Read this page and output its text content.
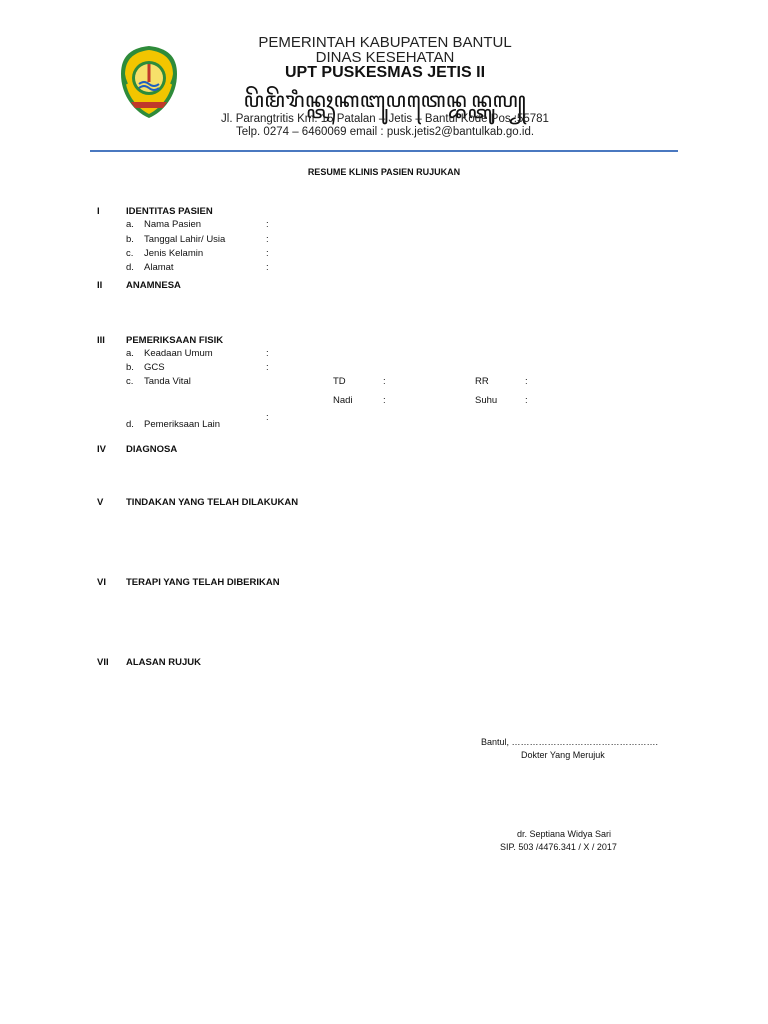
PEMERINTAH KABUPATEN BANTUL
DINAS KESEHATAN
UPT PUSKESMAS JETIS II
ꦥꦼꦩꦼꦫꦶꦤ꧀ꦠꦃꦏꦧꦸꦥꦠꦺꦤ꧀ꦧꦤ꧀ꦠꦸꦭ꧀
Jl. Parangtritis Km. 15 Patalan – Jetis – Bantul Kode Pos :55781
Telp. 0274 – 6460069 email : pusk.jetis2@bantulkab.go.id.
RESUME KLINIS PASIEN RUJUKAN
I	IDENTITAS PASIEN
a. Nama Pasien	:
b. Tanggal Lahir/ Usia	:
c. Jenis Kelamin	:
d. Alamat	:
II ANAMNESA
III PEMERIKSAAN FISIK
a. Keadaan Umum	:
b. GCS	:
c. Tanda Vital	TD	:	RR	:
Nadi	:	Suhu	:
d. Pemeriksaan Lain
:
IV DIAGNOSA
V TINDAKAN YANG TELAH DILAKUKAN
VI TERAPI YANG TELAH DIBERIKAN
VII ALASAN RUJUK
Bantul, ………………………………………….
Dokter Yang Merujuk
dr. Septiana Widya Sari
SIP. 503 /4476.341 / X / 2017
